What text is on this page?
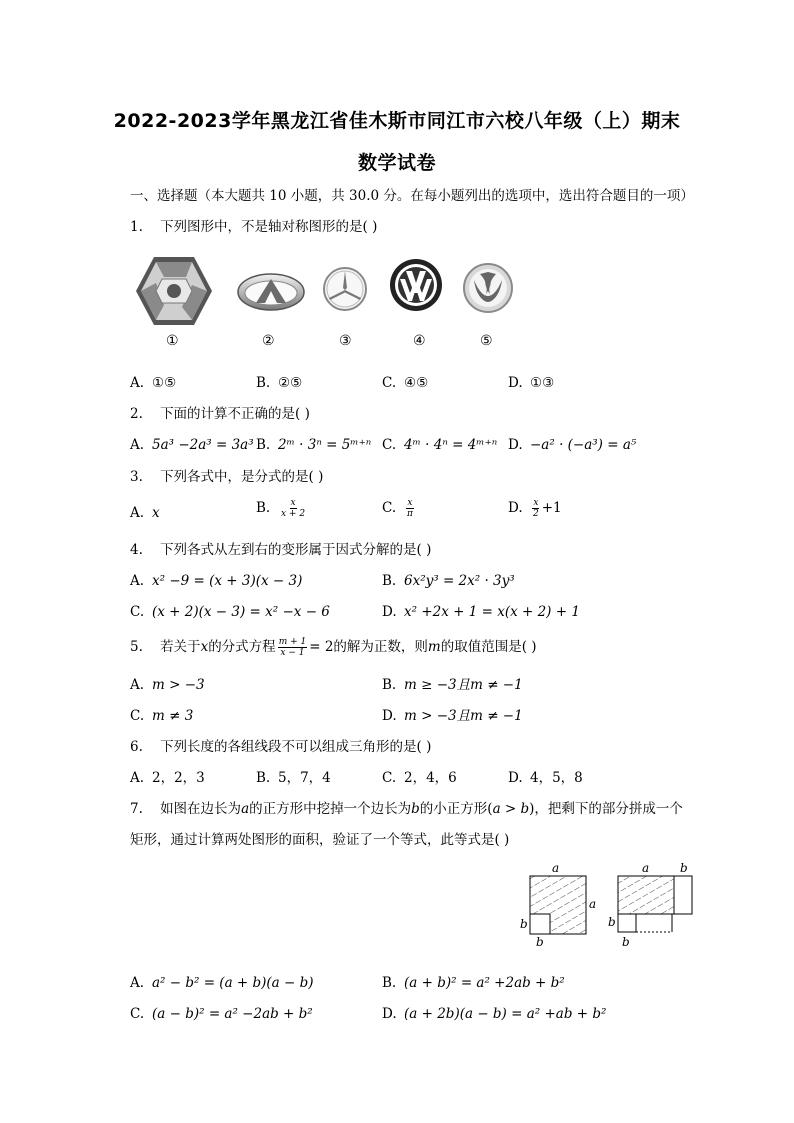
2022-2023学年黑龙江省佳木斯市同江市六校八年级（上）期末
数学试卷
一、选择题（本大题共 10 小题，共 30.0 分。在每小题列出的选项中，选出符合题目的一项）
1. 下列图形中，不是轴对称图形的是( )
①	②	③	④	⑤
A. ①⑤	B. ②⑤	C. ④⑤	D. ①③
2. 下面的计算不正确的是( )
A. 5a³ −2a³ = 3a³ B. 2ᵐ · 3ⁿ = 5ᵐ⁺ⁿ C. 4ᵐ · 4ⁿ = 4ᵐ⁺ⁿ D. −a² · (−a³) = a⁵
3. 下列各式中，是分式的是( )
A. x	B. $\frac{x}{x + 2}$	C. $\frac{x}{\pi}$	D. $\frac{x}{2} +1$
4. 下列各式从左到右的变形属于因式分解的是( )
A. x² −9 = (x + 3)(x − 3)	B. 6x²y³ = 2x² · 3y³
C. (x + 2)(x − 3) = x² −x − 6	D. x² +2x + 1 = x(x + 2) + 1
5. 若关于x的分式方程 $\frac{m + 1}{x - 1} = 2$的解为正数，则m的取值范围是( )
A. m > −3	B. m ≥ −3且m ≠ −1
C. m ≠ 3	D. m > −3且m ≠ −1
6. 下列长度的各组线段不可以组成三角形的是( )
A. 2，2，3	B. 5，7，4	C. 2，4，6	D. 4，5，8
7. 如图在边长为a的正方形中挖掉一个边长为b的小正方形(a > b)，把剩下的部分拼成一个
矩形，通过计算两处图形的面积，验证了一个等式，此等式是( )
a
a
b
b
a	b
b
b
A. a² − b² = (a + b)(a − b)	B. (a + b)² = a² +2ab + b²
C. (a − b)² = a² −2ab + b²	D. (a + 2b)(a − b) = a² +ab + b²
